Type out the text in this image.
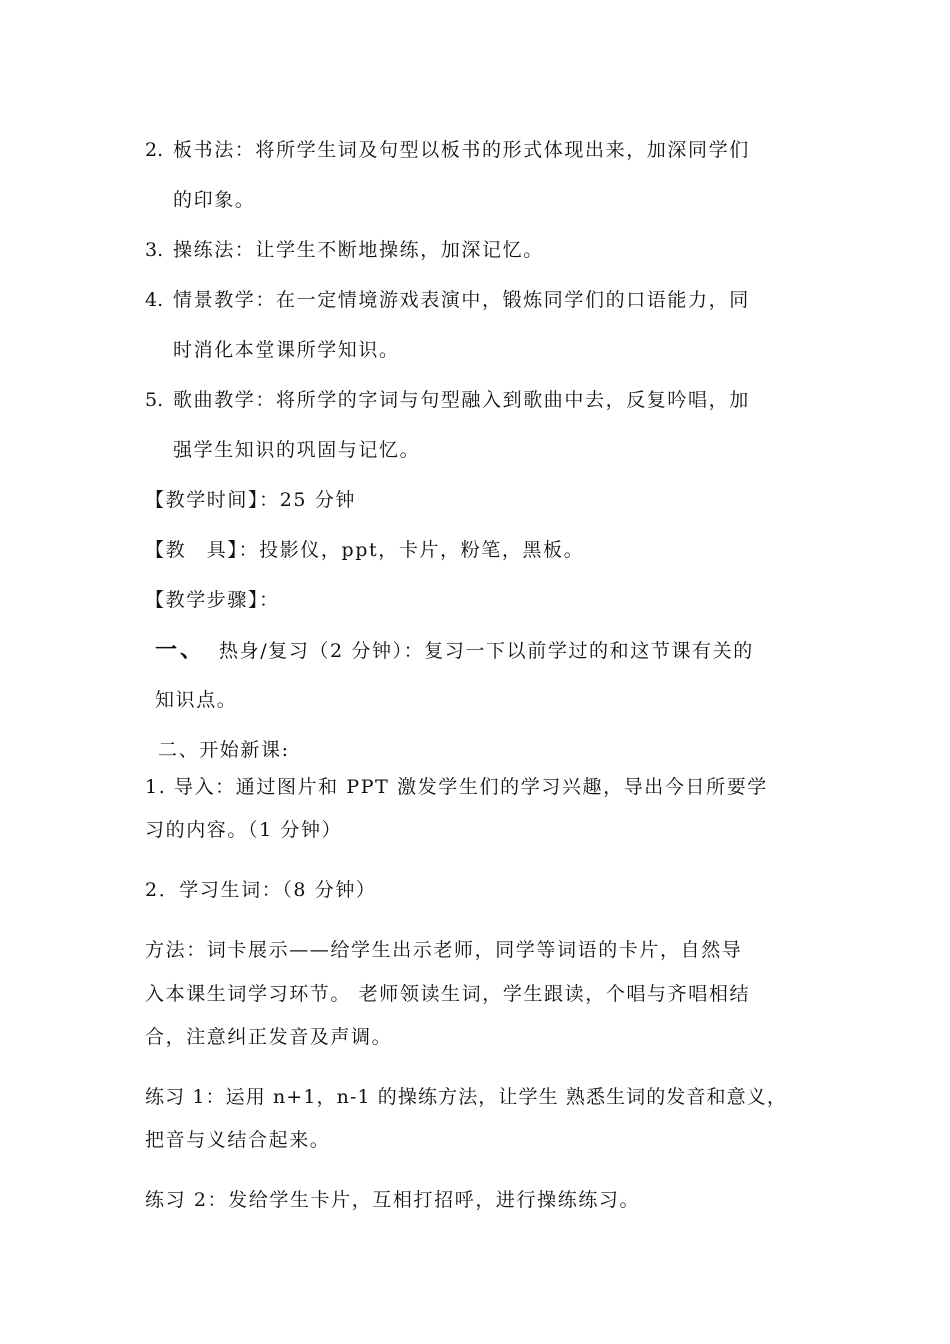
2. 板书法：将所学生词及句型以板书的形式体现出来，加深同学们

的印象。

3. 操练法：让学生不断地操练，加深记忆。

4. 情景教学：在一定情境游戏表演中，锻炼同学们的口语能力，同

时消化本堂课所学知识。

5. 歌曲教学：将所学的字词与句型融入到歌曲中去，反复吟唱，加

强学生知识的巩固与记忆。

【教学时间】：25 分钟

【教　具】：投影仪，ppt，卡片，粉笔，黑板。

【教学步骤】：

一、 热身/复习（2 分钟）：复习一下以前学过的和这节课有关的

知识点。

二、开始新课:

1. 导入：通过图片和 PPT 激发学生们的学习兴趣，导出今日所要学

习的内容。（1 分钟）

2．学习生词：（8 分钟）

方法：词卡展示——给学生出示老师，同学等词语的卡片，自然导

入本课生词学习环节。 老师领读生词，学生跟读，个唱与齐唱相结

合，注意纠正发音及声调。

练习 1：运用 n+1，n-1 的操练方法，让学生 熟悉生词的发音和意义，

把音与义结合起来。

练习 2：发给学生卡片，互相打招呼，进行操练练习。
